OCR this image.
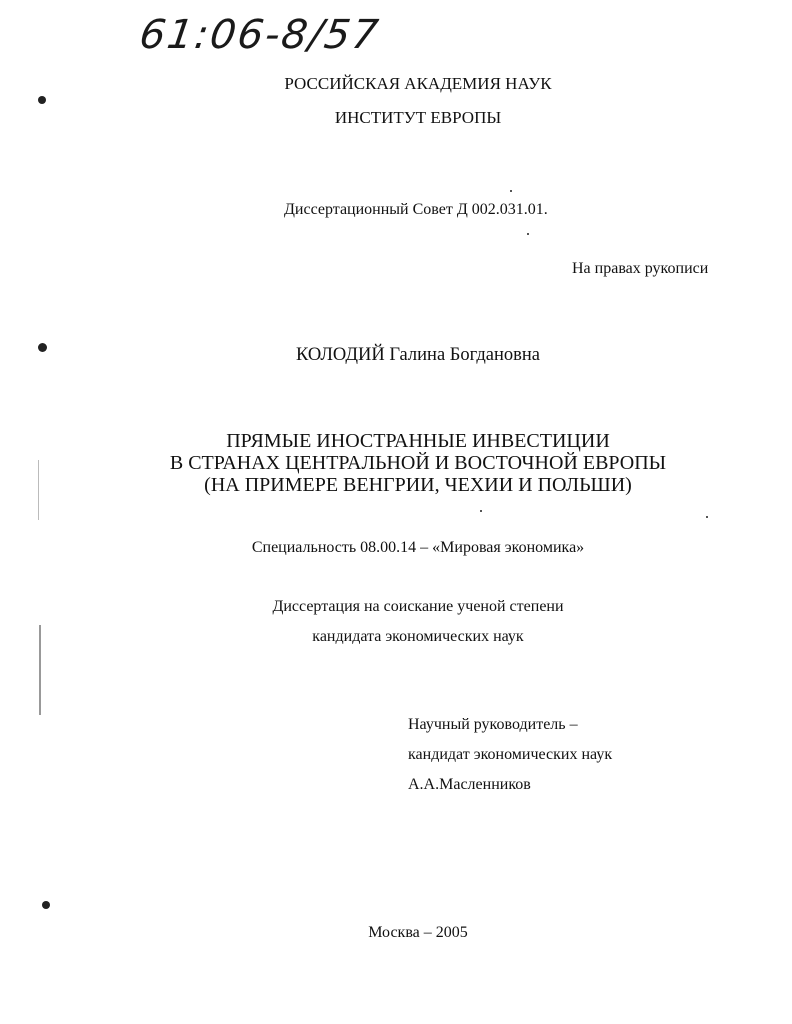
61:06-8/57
РОССИЙСКАЯ АКАДЕМИЯ НАУК
ИНСТИТУТ ЕВРОПЫ
Диссертационный Совет Д 002.031.01.
На правах рукописи
КОЛОДИЙ Галина Богдановна
ПРЯМЫЕ ИНОСТРАННЫЕ ИНВЕСТИЦИИ
В СТРАНАХ ЦЕНТРАЛЬНОЙ И ВОСТОЧНОЙ ЕВРОПЫ
(НА ПРИМЕРЕ ВЕНГРИИ, ЧЕХИИ И ПОЛЬШИ)
Специальность 08.00.14 – «Мировая экономика»
Диссертация на соискание ученой степени
кандидата экономических наук
Научный руководитель –
кандидат экономических наук
А.А.Масленников
Москва – 2005
